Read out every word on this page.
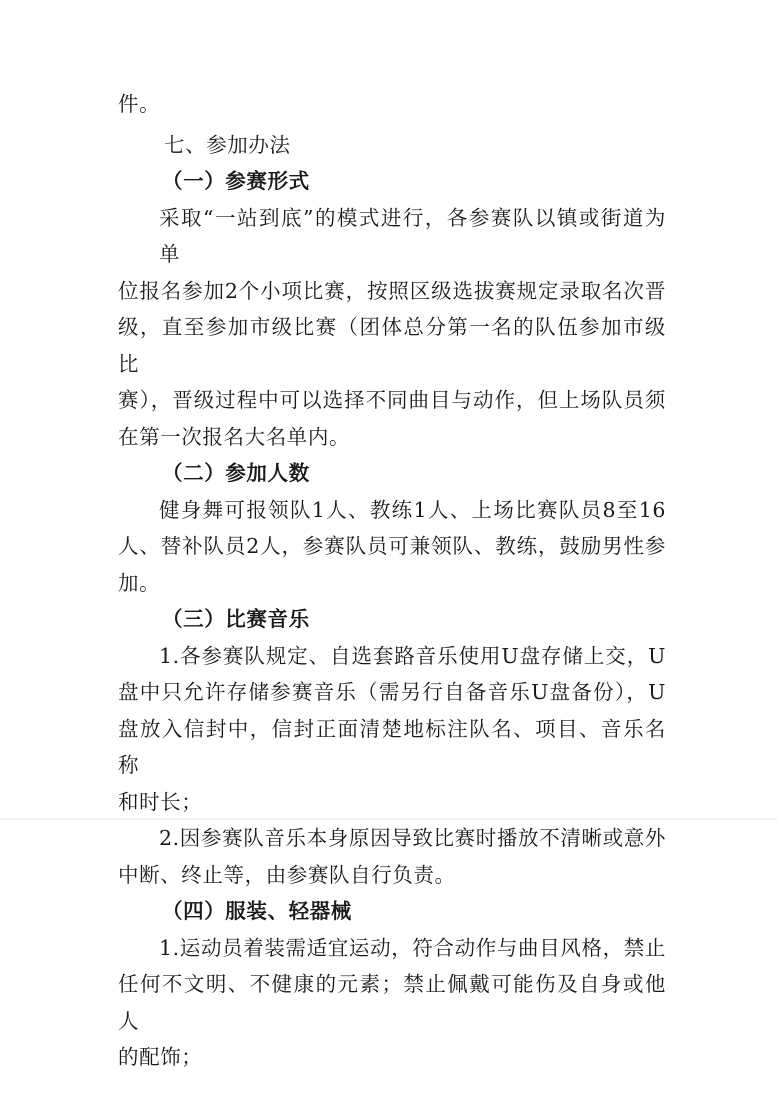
件。
七、参加办法
（一）参赛形式
采取“一站到底”的模式进行，各参赛队以镇或街道为单
位报名参加2个小项比赛，按照区级选拔赛规定录取名次晋
级，直至参加市级比赛（团体总分第一名的队伍参加市级比
赛），晋级过程中可以选择不同曲目与动作，但上场队员须
在第一次报名大名单内。
（二）参加人数
健身舞可报领队1人、教练1人、上场比赛队员8至16
人、替补队员2人，参赛队员可兼领队、教练，鼓励男性参
加。
（三）比赛音乐
1.各参赛队规定、自选套路音乐使用U盘存储上交，U
盘中只允许存储参赛音乐（需另行自备音乐U盘备份），U
盘放入信封中，信封正面清楚地标注队名、项目、音乐名称
和时长；
2.因参赛队音乐本身原因导致比赛时播放不清晰或意外
中断、终止等，由参赛队自行负责。
（四）服装、轻器械
1.运动员着装需适宜运动，符合动作与曲目风格，禁止
任何不文明、不健康的元素；禁止佩戴可能伤及自身或他人
的配饰；
